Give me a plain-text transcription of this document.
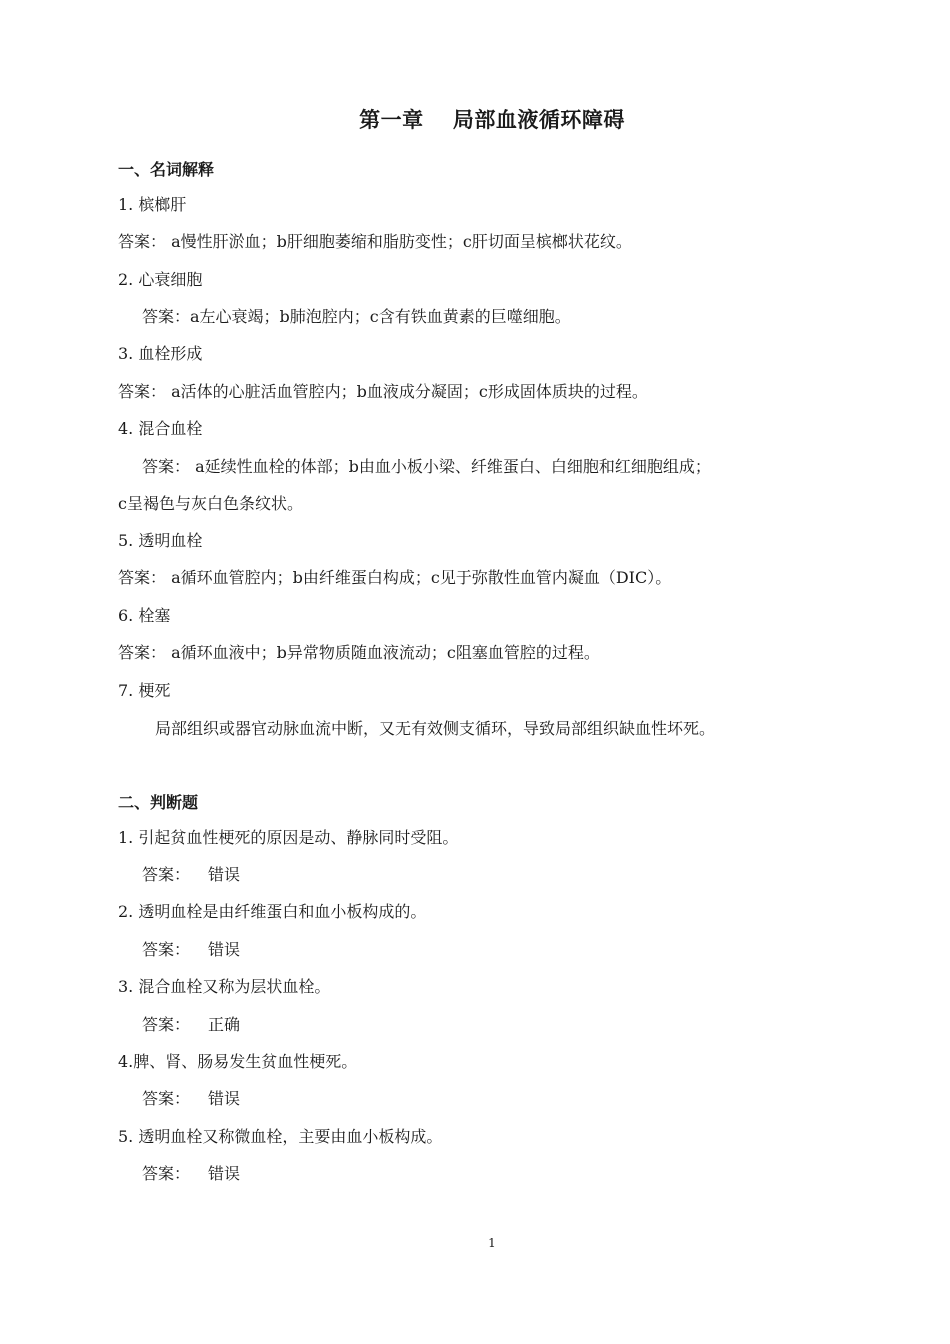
第一章　 局部血液循环障碍
一、名词解释

1. 槟榔肝

答案： a慢性肝淤血；b肝细胞萎缩和脂肪变性；c肝切面呈槟榔状花纹。

2. 心衰细胞

答案：a左心衰竭；b肺泡腔内；c含有铁血黄素的巨噬细胞。

3. 血栓形成

答案： a活体的心脏活血管腔内；b血液成分凝固；c形成固体质块的过程。

4. 混合血栓

答案： a延续性血栓的体部；b由血小板小梁、纤维蛋白、白细胞和红细胞组成；

c呈褐色与灰白色条纹状。

5. 透明血栓

答案： a循环血管腔内；b由纤维蛋白构成；c见于弥散性血管内凝血（DIC）。

6. 栓塞

答案： a循环血液中；b异常物质随血液流动；c阻塞血管腔的过程。

7. 梗死

局部组织或器官动脉血流中断，又无有效侧支循环，导致局部组织缺血性坏死。

二、判断题

1. 引起贫血性梗死的原因是动、静脉同时受阻。

答案： 错误

2. 透明血栓是由纤维蛋白和血小板构成的。

答案： 错误

3. 混合血栓又称为层状血栓。

答案： 正确

4.脾、肾、肠易发生贫血性梗死。

答案： 错误

5. 透明血栓又称微血栓，主要由血小板构成。

答案： 错误

1
